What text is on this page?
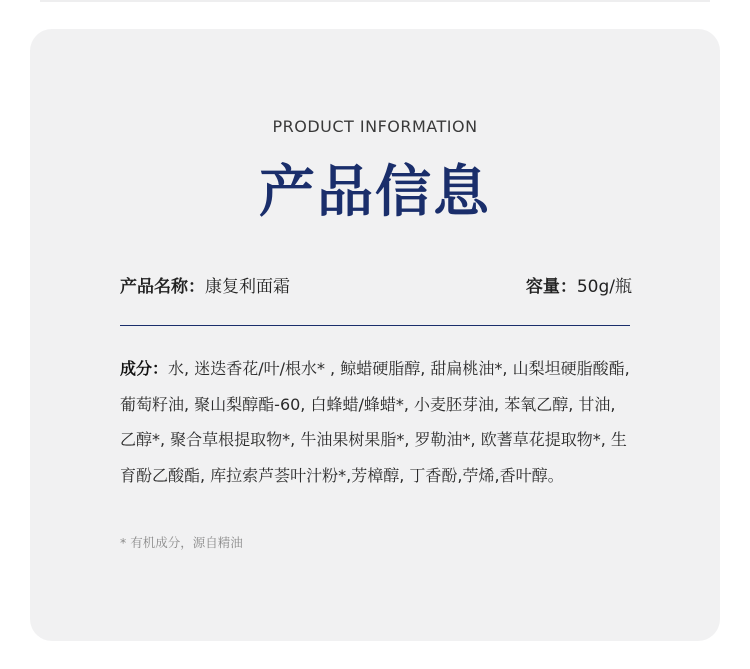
PRODUCT INFORMATION
产品信息
产品名称：康复利面霜	容量：50g/瓶

成分：水, 迷迭香花/叶/根水* , 鲸蜡硬脂醇, 甜扁桃油*, 山梨坦硬脂酸酯, 葡萄籽油, 聚山梨醇酯-60, 白蜂蜡/蜂蜡*, 小麦胚芽油, 苯氧乙醇, 甘油, 乙醇*, 聚合草根提取物*, 牛油果树果脂*, 罗勒油*, 欧蓍草花提取物*, 生育酚乙酸酯, 库拉索芦荟叶汁粉*,芳樟醇, 丁香酚,苧烯,香叶醇。

* 有机成分，源自精油
